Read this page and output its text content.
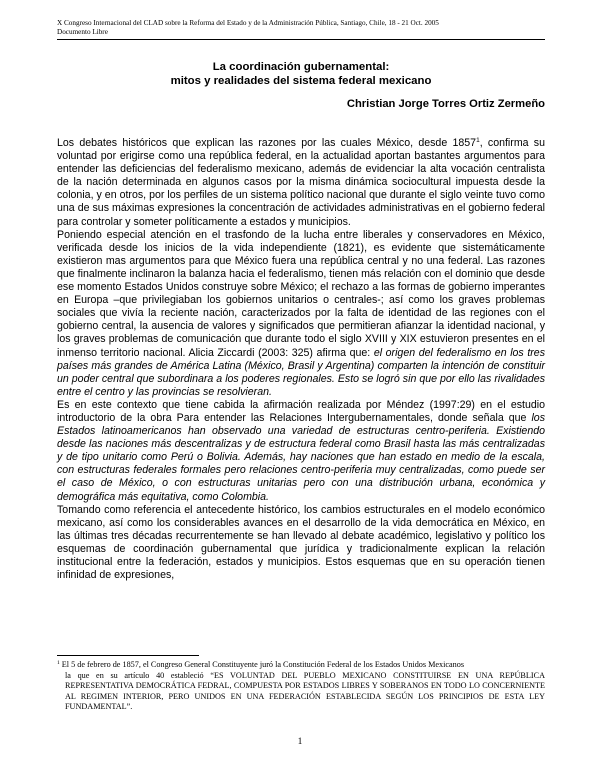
X Congreso Internacional del CLAD sobre la Reforma del Estado y de la Administración Pública, Santiago, Chile, 18 - 21 Oct. 2005
Documento Libre
La coordinación gubernamental:
mitos y realidades del sistema federal mexicano
Christian Jorge Torres Ortiz Zermeño

Los debates históricos que explican las razones por las cuales México, desde 1857$^1$, confirma su voluntad por erigirse como una república federal, en la actualidad aportan bastantes argumentos para entender las deficiencias del federalismo mexicano, además de evidenciar la alta vocación centralista de la nación determinada en algunos casos por la misma dinámica sociocultural impuesta desde la colonia, y en otros, por los perfiles de un sistema político nacional que durante el siglo veinte tuvo como una de sus máximas expresiones la concentración de actividades administrativas en el gobierno federal para controlar y someter políticamente a estados y municipios.

Poniendo especial atención en el trasfondo de la lucha entre liberales y conservadores en México, verificada desde los inicios de la vida independiente (1821), es evidente que sistemáticamente existieron mas argumentos para que México fuera una república central y no una federal. Las razones que finalmente inclinaron la balanza hacia el federalismo, tienen más relación con el dominio que desde ese momento Estados Unidos construye sobre México; el rechazo a las formas de gobierno imperantes en Europa –que privilegiaban los gobiernos unitarios o centrales-; así como los graves problemas sociales que vivía la reciente nación, caracterizados por la falta de identidad de las regiones con el gobierno central, la ausencia de valores y significados que permitieran afianzar la identidad nacional, y los graves problemas de comunicación que durante todo el siglo XVIII y XIX estuvieron presentes en el inmenso territorio nacional. Alicia Ziccardi (2003: 325) afirma que: el origen del federalismo en los tres países más grandes de América Latina (México, Brasil y Argentina) comparten la intención de constituir un poder central que subordinara a los poderes regionales. Esto se logró sin que por ello las rivalidades entre el centro y las provincias se resolvieran.

Es en este contexto que tiene cabida la afirmación realizada por Méndez (1997:29) en el estudio introductorio de la obra Para entender las Relaciones Intergubernamentales, donde señala que los Estados latinoamericanos han observado una variedad de estructuras centro-periferia. Existiendo desde las naciones más descentralizas y de estructura federal como Brasil hasta las más centralizadas y de tipo unitario como Perú o Bolivia. Además, hay naciones que han estado en medio de la escala, con estructuras federales formales pero relaciones centro-periferia muy centralizadas, como puede ser el caso de México, o con estructuras unitarias pero con una distribución urbana, económica y demográfica más equitativa, como Colombia.

Tomando como referencia el antecedente histórico, los cambios estructurales en el modelo económico mexicano, así como los considerables avances en el desarrollo de la vida democrática en México, en las últimas tres décadas recurrentemente se han llevado al debate académico, legislativo y político los esquemas de coordinación gubernamental que jurídica y tradicionalmente explican la relación institucional entre la federación, estados y municipios. Estos esquemas que en su operación tienen infinidad de expresiones,

$^1$ El 5 de febrero de 1857, el Congreso General Constituyente juró la Constitución Federal de los Estados Unidos Mexicanos
la que en su artículo 40 estableció “ES VOLUNTAD DEL PUEBLO MEXICANO CONSTITUIRSE EN UNA REPÚBLICA REPRESENTATIVA DEMOCRÁTICA FEDRAL, COMPUESTA POR ESTADOS LIBRES Y SOBERANOS EN TODO LO CONCERNIENTE AL REGIMEN INTERIOR, PERO UNIDOS EN UNA FEDERACIÓN ESTABLECIDA SEGÚN LOS PRINCIPIOS DE ESTA LEY FUNDAMENTAL”.
1
